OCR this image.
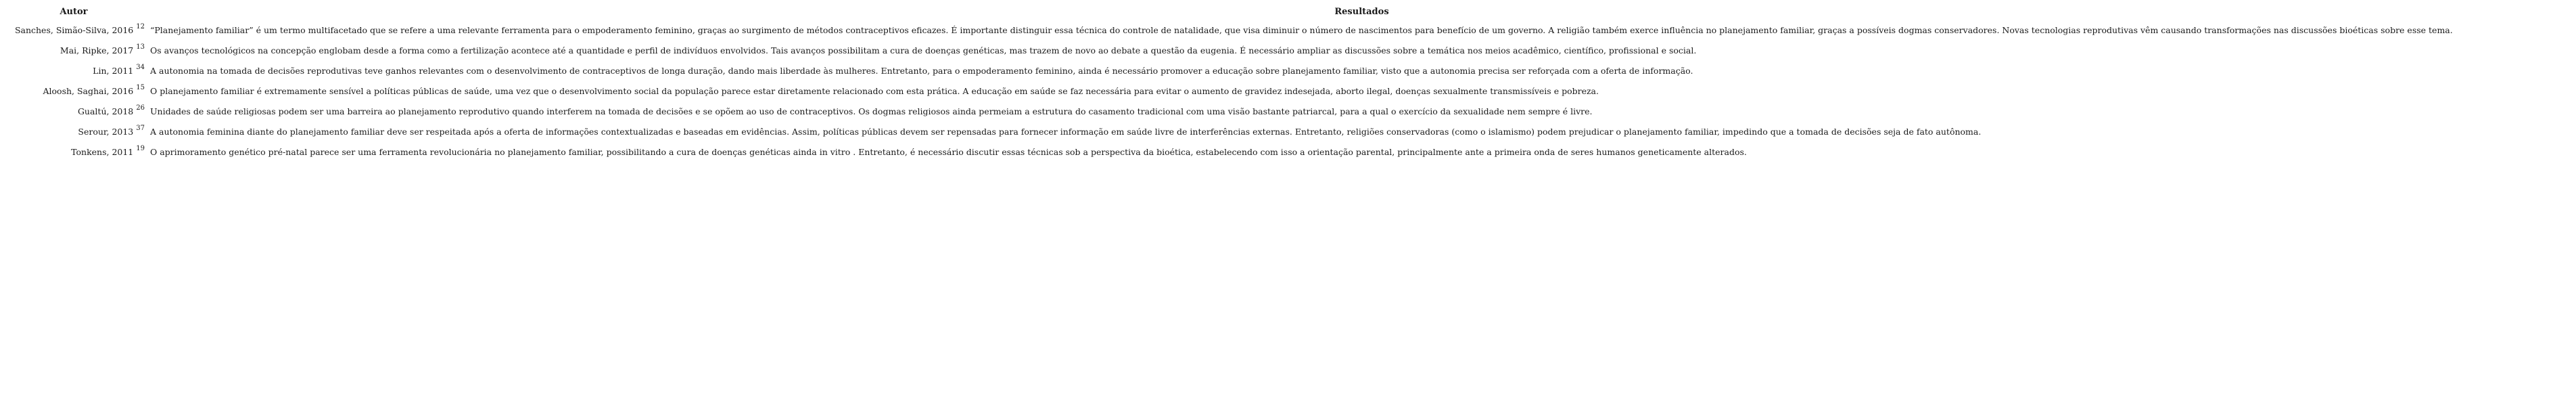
Autor	Resultados
Sanches, Simão-Silva, 2016 $^{12}$	“Planejamento familiar” é um termo multifacetado que se refere a uma relevante ferramenta para o empoderamento feminino, graças ao surgimento de métodos contraceptivos eficazes. É importante distinguir essa técnica do controle de natalidade, que visa diminuir o número de nascimentos para benefício de um governo. A religião também exerce influência no planejamento familiar, graças a possíveis dogmas conservadores. Novas tecnologias reprodutivas vêm causando transformações nas discussões bioéticas sobre esse tema.
Mai, Ripke, 2017 $^{13}$	Os avanços tecnológicos na concepção englobam desde a forma como a fertilização acontece até a quantidade e perfil de indivíduos envolvidos. Tais avanços possibilitam a cura de doenças genéticas, mas trazem de novo ao debate a questão da eugenia. É necessário ampliar as discussões sobre a temática nos meios acadêmico, científico, profissional e social.
Lin, 2011 $^{34}$	A autonomia na tomada de decisões reprodutivas teve ganhos relevantes com o desenvolvimento de contraceptivos de longa duração, dando mais liberdade às mulheres. Entretanto, para o empoderamento feminino, ainda é necessário promover a educação sobre planejamento familiar, visto que a autonomia precisa ser reforçada com a oferta de informação.
Aloosh, Saghai, 2016 $^{15}$	O planejamento familiar é extremamente sensível a políticas públicas de saúde, uma vez que o desenvolvimento social da população parece estar diretamente relacionado com esta prática. A educação em saúde se faz necessária para evitar o aumento de gravidez indesejada, aborto ilegal, doenças sexualmente transmissíveis e pobreza.
Gualtú, 2018 $^{26}$	Unidades de saúde religiosas podem ser uma barreira ao planejamento reprodutivo quando interferem na tomada de decisões e se opõem ao uso de contraceptivos. Os dogmas religiosos ainda permeiam a estrutura do casamento tradicional com uma visão bastante patriarcal, para a qual o exercício da sexualidade nem sempre é livre.
Serour, 2013 $^{37}$	A autonomia feminina diante do planejamento familiar deve ser respeitada após a oferta de informações contextualizadas e baseadas em evidências. Assim, políticas públicas devem ser repensadas para fornecer informação em saúde livre de interferências externas. Entretanto, religiões conservadoras (como o islamismo) podem prejudicar o planejamento familiar, impedindo que a tomada de decisões seja de fato autônoma.
Tonkens, 2011 $^{19}$	O aprimoramento genético pré-natal parece ser uma ferramenta revolucionária no planejamento familiar, possibilitando a cura de doenças genéticas ainda in vitro . Entretanto, é necessário discutir essas técnicas sob a perspectiva da bioética, estabelecendo com isso a orientação parental, principalmente ante a primeira onda de seres humanos geneticamente alterados.
